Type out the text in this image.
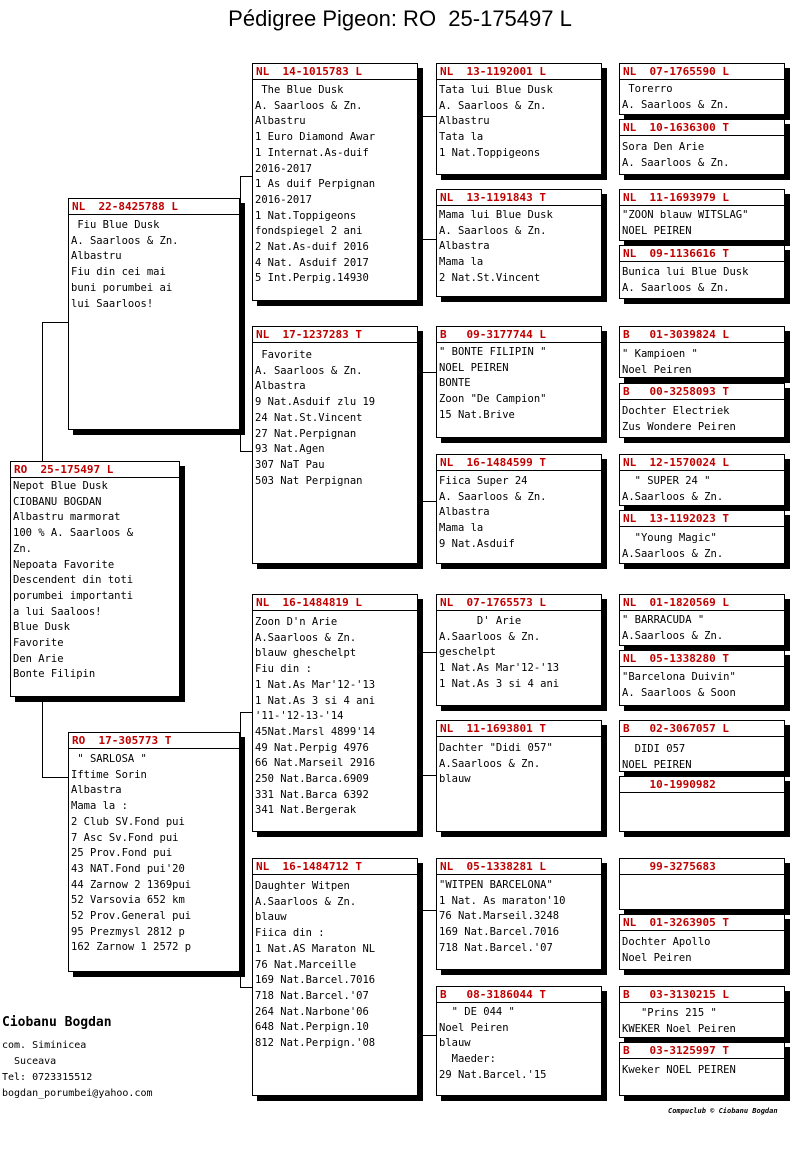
Pédigree Pigeon: RO  25-175497 L
RO  25-175497 L
Nepot Blue Dusk
CIOBANU BOGDAN
Albastru marmorat
100 % A. Saarloos &
Zn.
Nepoata Favorite
Descendent din toti
porumbei importanti
a lui Saaloos!
Blue Dusk
Favorite
Den Arie
Bonte Filipin
NL  22-8425788 L
Fiu Blue Dusk
A. Saarloos & Zn.
Albastru
Fiu din cei mai
buni porumbei ai
lui Saarloos!
RO  17-305773 T
" SARLOSA "
Iftime Sorin
Albastra
Mama la :
2 Club SV.Fond pui
7 Asc Sv.Fond pui
25 Prov.Fond pui
43 NAT.Fond pui'20
44 Zarnow 2 1369pui
52 Varsovia 652 km
52 Prov.General pui
95 Prezmysl 2812 p
162 Zarnow 1 2572 p
NL  14-1015783 L
The Blue Dusk
A. Saarloos & Zn.
Albastru
1 Euro Diamond Awar
1 Internat.As-duif
2016-2017
1 As duif Perpignan
2016-2017
1 Nat.Toppigeons
fondspiegel 2 ani
2 Nat.As-duif 2016
4 Nat. Asduif 2017
5 Int.Perpig.14930
NL  17-1237283 T
Favorite
A. Saarloos & Zn.
Albastra
9 Nat.Asduif zlu 19
24 Nat.St.Vincent
27 Nat.Perpignan
93 Nat.Agen
307 NaT Pau
503 Nat Perpignan
NL  16-1484819 L
Zoon D'n Arie
A.Saarloos & Zn.
blauw gheschelpt
Fiu din :
1 Nat.As Mar'12-'13
1 Nat.As 3 si 4 ani
'11-'12-13-'14
45Nat.Marsl 4899'14
49 Nat.Perpig 4976
66 Nat.Marseil 2916
250 Nat.Barca.6909
331 Nat.Barca 6392
341 Nat.Bergerak
NL  16-1484712 T
Daughter Witpen
A.Saarloos & Zn.
blauw
Fiica din :
1 Nat.AS Maraton NL
76 Nat.Marceille
169 Nat.Barcel.7016
718 Nat.Barcel.'07
264 Nat.Narbone'06
648 Nat.Perpign.10
812 Nat.Perpign.'08
NL  13-1192001 L
Tata lui Blue Dusk
A. Saarloos & Zn.
Albastru
Tata la
1 Nat.Toppigeons
NL  13-1191843 T
Mama lui Blue Dusk
A. Saarloos & Zn.
Albastra
Mama la
2 Nat.St.Vincent
B   09-3177744 L
" BONTE FILIPIN "
NOEL PEIREN
BONTE
Zoon "De Campion"
15 Nat.Brive
NL  16-1484599 T
Fiica Super 24
A. Saarloos & Zn.
Albastra
Mama la
9 Nat.Asduif
NL  07-1765573 L
D' Arie
A.Saarloos & Zn.
geschelpt
1 Nat.As Mar'12-'13
1 Nat.As 3 si 4 ani
NL  11-1693801 T
Dachter "Didi 057"
A.Saarloos & Zn.
blauw
NL  05-1338281 L
"WITPEN BARCELONA"
1 Nat. As maraton'10
76 Nat.Marseil.3248
169 Nat.Barcel.7016
718 Nat.Barcel.'07
B   08-3186044 T
" DE 044 "
Noel Peiren
blauw
Maeder:
29 Nat.Barcel.'15
NL  07-1765590 L
Torerro
A. Saarloos & Zn.
NL  10-1636300 T
Sora Den Arie
A. Saarloos & Zn.
NL  11-1693979 L
"ZOON blauw WITSLAG"
NOEL PEIREN
NL  09-1136616 T
Bunica lui Blue Dusk
A. Saarloos & Zn.
B   01-3039824 L
" Kampioen "
Noel Peiren
B   00-3258093 T
Dochter Electriek
Zus Wondere Peiren
NL  12-1570024 L
" SUPER 24 "
A.Saarloos & Zn.
NL  13-1192023 T
"Young Magic"
A.Saarloos & Zn.
NL  01-1820569 L
" BARRACUDA "
A.Saarloos & Zn.
NL  05-1338280 T
"Barcelona Duivin"
A. Saarloos & Soon
B   02-3067057 L
DIDI 057
NOEL PEIREN
10-1990982
99-3275683
NL  01-3263905 T
Dochter Apollo
Noel Peiren
B   03-3130215 L
"Prins 215 "
KWEKER Noel Peiren
B   03-3125997 T
Kweker NOEL PEIREN
Ciobanu Bogdan
com. Siminicea
Suceava
Tel: 0723315512
bogdan_porumbei@yahoo.com
Compuclub © Ciobanu Bogdan
